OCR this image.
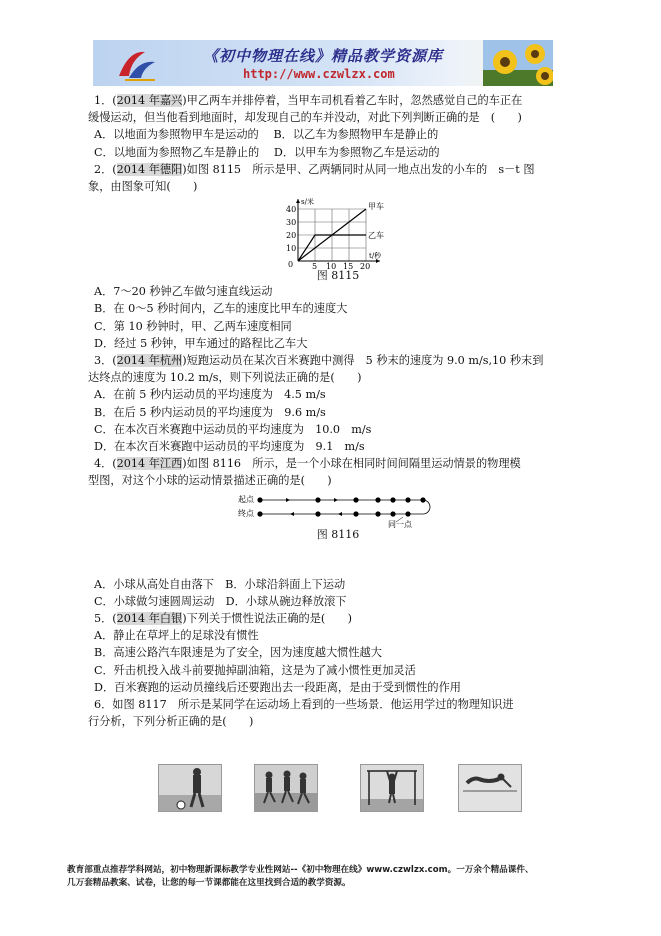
《初中物理在线》精品教学资源库
http://www.czwlzx.com
1．(2014 年嘉兴)甲乙两车并排停着，当甲车司机看着乙车时，忽然感觉自己的车正在
缓慢运动，但当他看到地面时，却发现自己的车并没动，对此下列判断正确的是　(　　)
A．以地面为参照物甲车是运动的　 B．以乙车为参照物甲车是静止的
C．以地面为参照物乙车是静止的　 D．以甲车为参照物乙车是运动的
2．(2014 年德阳)如图 8115　所示是甲、乙两辆同时从同一地点出发的小车的　s－t 图
象，由图象可知(　　)
s/米
t/秒
甲车
乙车
0
40
30
20
10
5 10 15 20
图 8115
A．7～20 秒钟乙车做匀速直线运动
B．在 0～5 秒时间内，乙车的速度比甲车的速度大
C．第 10 秒钟时，甲、乙两车速度相同
D．经过 5 秒钟，甲车通过的路程比乙车大
3．(2014 年杭州)短跑运动员在某次百米赛跑中测得　5 秒末的速度为 9.0 m/s,10 秒末到
达终点的速度为 10.2 m/s，则下列说法正确的是(　　)
A．在前 5 秒内运动员的平均速度为　4.5 m/s
B．在后 5 秒内运动员的平均速度为　9.6 m/s
C．在本次百米赛跑中运动员的平均速度为　10.0　m/s
D．在本次百米赛跑中运动员的平均速度为　9.1　m/s
4．(2014 年江西)如图 8116　所示，是一个小球在相同时间间隔里运动情景的物理模
型图，对这个小球的运动情景描述正确的是(　　)
起点
终点
同一点
图 8116
A．小球从高处自由落下　B．小球沿斜面上下运动
C．小球做匀速圆周运动　D．小球从碗边释放滚下
5．(2014 年白银)下列关于惯性说法正确的是(　　)
A．静止在草坪上的足球没有惯性
B．高速公路汽车限速是为了安全，因为速度越大惯性越大
C．歼击机投入战斗前要抛掉副油箱，这是为了减小惯性更加灵活
D．百米赛跑的运动员撞线后还要跑出去一段距离，是由于受到惯性的作用
6．如图 8117　所示是某同学在运动场上看到的一些场景．他运用学过的物理知识进
行分析，下列分析正确的是(　　)
教育部重点推荐学科网站，初中物理新课标教学专业性网站--《初中物理在线》www.czwlzx.com。一万余个精品课件、
几万套精品教案、试卷，让您的每一节课都能在这里找到合适的教学资源。
